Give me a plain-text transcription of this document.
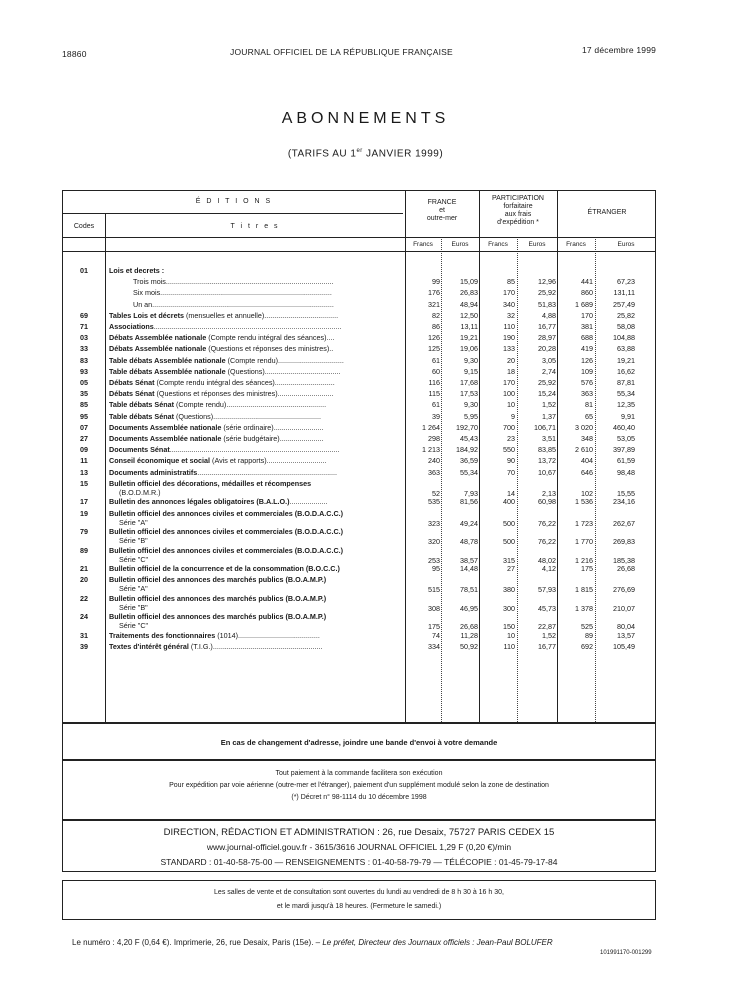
18860	JOURNAL OFFICIEL DE LA RÉPUBLIQUE FRANÇAISE	17 décembre 1999
ABONNEMENTS
(TARIFS AU 1er JANVIER 1999)
É D I T I O N S
Codes	T i t r e s
FRANCE
et
outre-mer
PARTICIPATION
forfaitaire
aux frais
d'expédition *
ÉTRANGER
Francs	Euros	Francs	Euros	Francs	Euros
01	Lois et decrets :
Trois mois....................................................................................	99	15,09	85	12,96	441	67,23
Six mois......................................................................................	176	26,83	170	25,92	860	131,11
Un an...........................................................................................	321	48,94	340	51,83	1 689	257,49
69	Tables Lois et décrets (mensuelles et annuelle).....................................	82	12,50	32	4,88	170	25,82
71	Associations..............................................................................................	86	13,11	110	16,77	381	58,08
03	Débats Assemblée nationale (Compte rendu intégral des séances)....	126	19,21	190	28,97	688	104,88
33	Débats Assemblée nationale (Questions et réponses des ministres)..	125	19,06	133	20,28	419	63,88
83	Table débats Assemblée nationale (Compte rendu).................................	61	9,30	20	3,05	126	19,21
93	Table débats Assemblée nationale (Questions)......................................	60	9,15	18	2,74	109	16,62
05	Débats Sénat (Compte rendu intégral des séances)..............................	116	17,68	170	25,92	576	87,81
35	Débats Sénat (Questions et réponses des ministres)............................	115	17,53	100	15,24	363	55,34
85	Table débats Sénat (Compte rendu)..................................................	61	9,30	10	1,52	81	12,35
95	Table débats Sénat (Questions)......................................................	39	5,95	9	1,37	65	9,91
07	Documents Assemblée nationale (série ordinaire).........................	1 264	192,70	700	106,71	3 020	460,40
27	Documents Assemblée nationale (série budgétaire)......................	298	45,43	23	3,51	348	53,05
09	Documents Sénat.....................................................................................	1 213	184,92	550	83,85	2 610	397,89
11	Conseil économique et social (Avis et rapports)..............................	240	36,59	90	13,72	404	61,59
13	Documents administratifs......................................................................	363	55,34	70	10,67	646	98,48
15	Bulletin officiel des décorations, médailles et récompenses
(B.O.D.M.R.)	52	7,93	14	2,13	102	15,55
17	Bulletin des annonces légales obligatoires (B.A.L.O.)...................	535	81,56	400	60,98	1 536	234,16
19	Bulletin officiel des annonces civiles et commerciales (B.O.D.A.C.C.)
Série "A"	323	49,24	500	76,22	1 723	262,67
79	Bulletin officiel des annonces civiles et commerciales (B.O.D.A.C.C.)
Série "B"	320	48,78	500	76,22	1 770	269,83
89	Bulletin officiel des annonces civiles et commerciales (B.O.D.A.C.C.)
Série "C"	253	38,57	315	48,02	1 216	185,38
21	Bulletin officiel de la concurrence et de la consommation (B.O.C.C.)	95	14,48	27	4,12	175	26,68
20	Bulletin officiel des annonces des marchés publics (B.O.A.M.P.)
Série "A"	515	78,51	380	57,93	1 815	276,69
22	Bulletin officiel des annonces des marchés publics (B.O.A.M.P.)
Série "B"	308	46,95	300	45,73	1 378	210,07
24	Bulletin officiel des annonces des marchés publics (B.O.A.M.P.)
Série "C"	175	26,68	150	22,87	525	80,04
31	Traitements des fonctionnaires (1014).........................................	74	11,28	10	1,52	89	13,57
39	Textes d'intérêt général (T.I.G.).......................................................	334	50,92	110	16,77	692	105,49
En cas de changement d'adresse, joindre une bande d'envoi à votre demande
Tout paiement à la commande facilitera son exécution
Pour expédition par voie aérienne (outre-mer et l'étranger), paiement d'un supplément modulé selon la zone de destination
(*) Décret n° 98-1114 du 10 décembre 1998
DIRECTION, RÉDACTION ET ADMINISTRATION : 26, rue Desaix, 75727 PARIS CEDEX 15
www.journal-officiel.gouv.fr - 3615/3616 JOURNAL OFFICIEL 1,29 F (0,20 €)/min
STANDARD : 01-40-58-75-00 — RENSEIGNEMENTS : 01-40-58-79-79 — TÉLÉCOPIE : 01-45-79-17-84
Les salles de vente et de consultation sont ouvertes du lundi au vendredi de 8 h 30 à 16 h 30,
et le mardi jusqu'à 18 heures. (Fermeture le samedi.)
Le numéro : 4,20 F (0,64 €). Imprimerie, 26, rue Desaix, Paris (15e). – Le préfet, Directeur des Journaux officiels : Jean-Paul BOLUFER
101991170-001299
